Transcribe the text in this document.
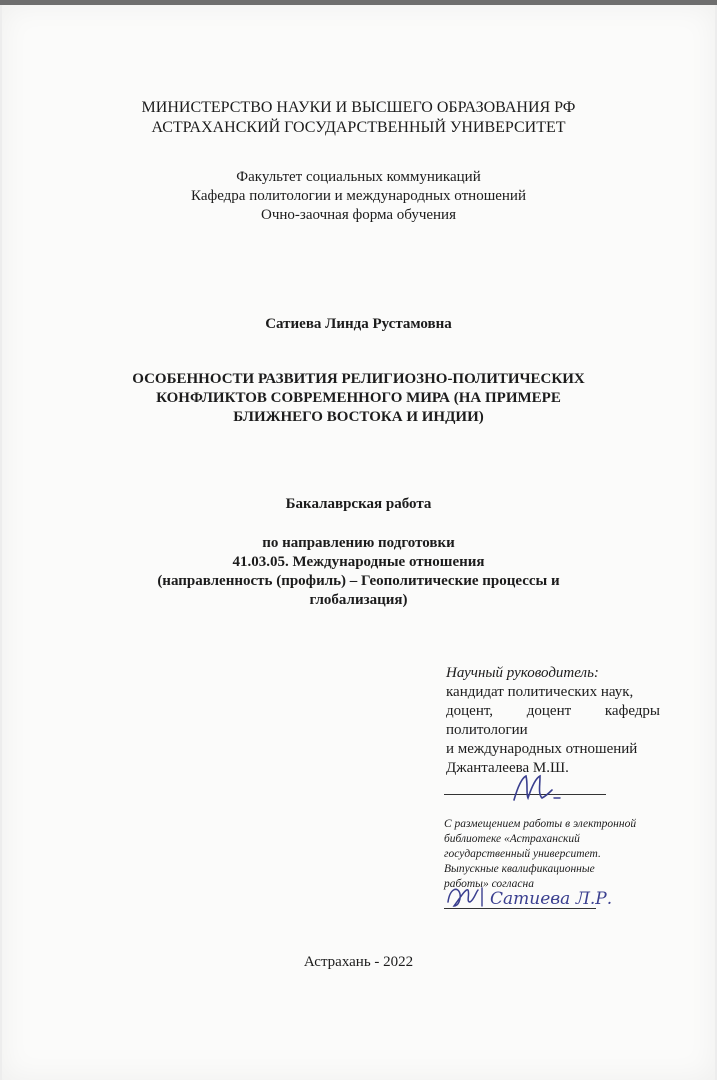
МИНИСТЕРСТВО НАУКИ И ВЫСШЕГО ОБРАЗОВАНИЯ РФ
АСТРАХАНСКИЙ ГОСУДАРСТВЕННЫЙ УНИВЕРСИТЕТ
Факультет социальных коммуникаций
Кафедра политологии и международных отношений
Очно-заочная форма обучения
Сатиева Линда Рустамовна
ОСОБЕННОСТИ РАЗВИТИЯ РЕЛИГИОЗНО-ПОЛИТИЧЕСКИХ
КОНФЛИКТОВ СОВРЕМЕННОГО МИРА (НА ПРИМЕРЕ
БЛИЖНЕГО ВОСТОКА И ИНДИИ)
Бакалаврская работа
по направлению подготовки
41.03.05. Международные отношения
(направленность (профиль) – Геополитические процессы и
глобализация)
Научный руководитель:
кандидат политических наук,
доцент, доцент кафедры
политологии
и международных отношений
Джанталеева М.Ш.
С размещением работы в электронной
библиотеке «Астраханский
государственный университет.
Выпускные квалификационные
работы» согласна
Сатиева Л.Р.
Астрахань - 2022
